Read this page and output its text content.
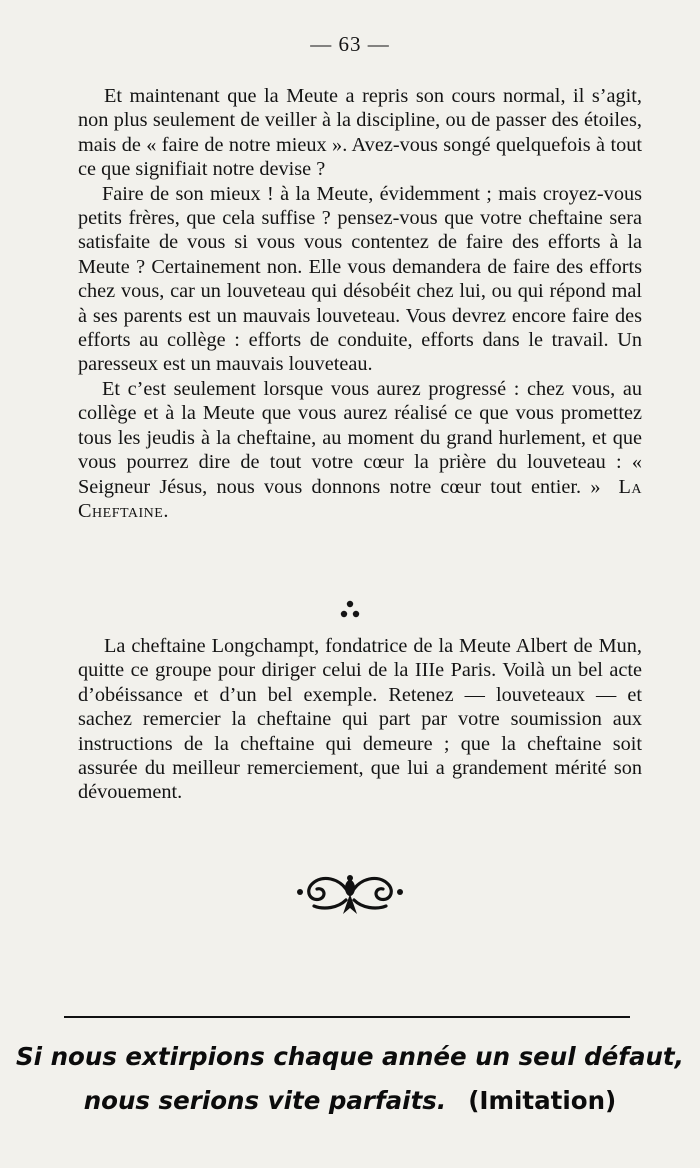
— 63 —

Et maintenant que la Meute a repris son cours normal, il s’agit, non plus seulement de veiller à la discipline, ou de passer des étoiles, mais de « faire de notre mieux ». Avez-vous songé quelquefois à tout ce que signifiait notre devise ?

Faire de son mieux ! à la Meute, évidemment ; mais croyez-vous petits frères, que cela suffise ? pensez-vous que votre cheftaine sera satisfaite de vous si vous vous contentez de faire des efforts à la Meute ? Certainement non. Elle vous demandera de faire des efforts chez vous, car un louveteau qui désobéit chez lui, ou qui répond mal à ses parents est un mauvais louveteau. Vous devrez encore faire des efforts au collège : efforts de conduite, efforts dans le travail. Un paresseux est un mauvais louveteau.

Et c’est seulement lorsque vous aurez progressé : chez vous, au collège et à la Meute que vous aurez réalisé ce que vous promettez tous les jeudis à la cheftaine, au moment du grand hurlement, et que vous pourrez dire de tout votre cœur la prière du louveteau : « Seigneur Jésus, nous vous donnons notre cœur tout entier. » La Cheftaine.

La cheftaine Longchampt, fondatrice de la Meute Albert de Mun, quitte ce groupe pour diriger celui de la IIIe Paris. Voilà un bel acte d’obéissance et d’un bel exemple. Retenez — louveteaux — et sachez remercier la cheftaine qui part par votre soumission aux instructions de la cheftaine qui demeure ; que la cheftaine soit assurée du meilleur remerciement, que lui a grandement mérité son dévouement.

Si nous extirpions chaque année un seul défaut,
nous serions vite parfaits. (Imitation)
